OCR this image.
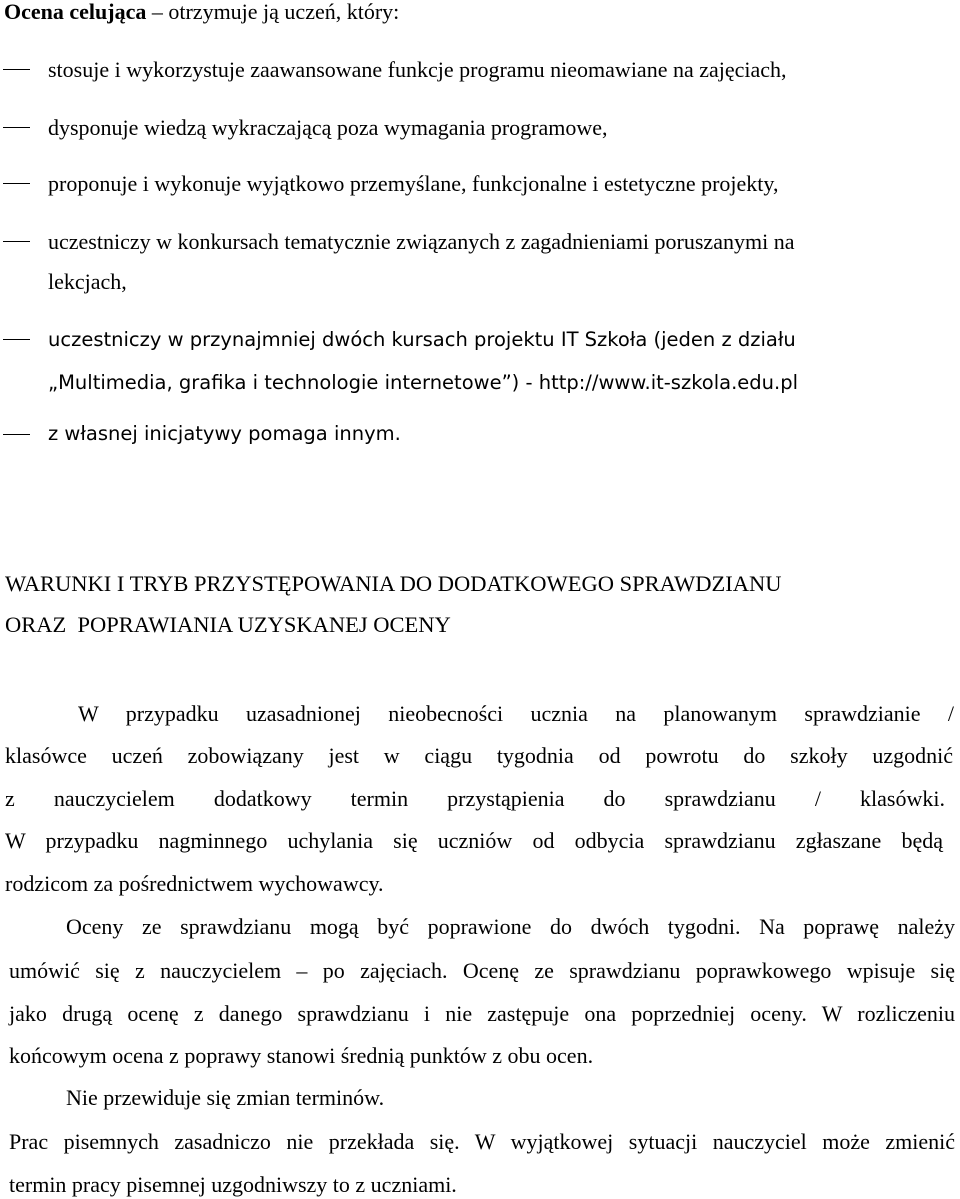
Ocena celująca – otrzymuje ją uczeń, który:
stosuje i wykorzystuje zaawansowane funkcje programu nieomawiane na zajęciach,
dysponuje wiedzą wykraczającą poza wymagania programowe,
proponuje i wykonuje wyjątkowo przemyślane, funkcjonalne i estetyczne projekty,
uczestniczy w konkursach tematycznie związanych z zagadnieniami poruszanymi na
lekcjach,
uczestniczy w przynajmniej dwóch kursach projektu IT Szkoła (jeden z działu
„Multimedia, grafika i technologie internetowe”) - http://www.it-szkola.edu.pl
z własnej inicjatywy pomaga innym.
WARUNKI I TRYB PRZYSTĘPOWANIA DO DODATKOWEGO SPRAWDZIANU
ORAZ  POPRAWIANIA UZYSKANEJ OCENY
W przypadku uzasadnionej nieobecności ucznia na planowanym sprawdzianie /
klasówce uczeń zobowiązany jest w ciągu tygodnia od powrotu do szkoły uzgodnić
z nauczycielem dodatkowy termin przystąpienia do sprawdzianu / klasówki.
W przypadku nagminnego uchylania się uczniów od odbycia sprawdzianu zgłaszane będą
rodzicom za pośrednictwem wychowawcy.
Oceny ze sprawdzianu mogą być poprawione do dwóch tygodni. Na poprawę należy
umówić się z nauczycielem – po zajęciach. Ocenę ze sprawdzianu poprawkowego wpisuje się
jako drugą ocenę z danego sprawdzianu i nie zastępuje ona poprzedniej oceny. W rozliczeniu
końcowym ocena z poprawy stanowi średnią punktów z obu ocen.
Nie przewiduje się zmian terminów.
Prac pisemnych zasadniczo nie przekłada się. W wyjątkowej sytuacji nauczyciel może zmienić
termin pracy pisemnej uzgodniwszy to z uczniami.
